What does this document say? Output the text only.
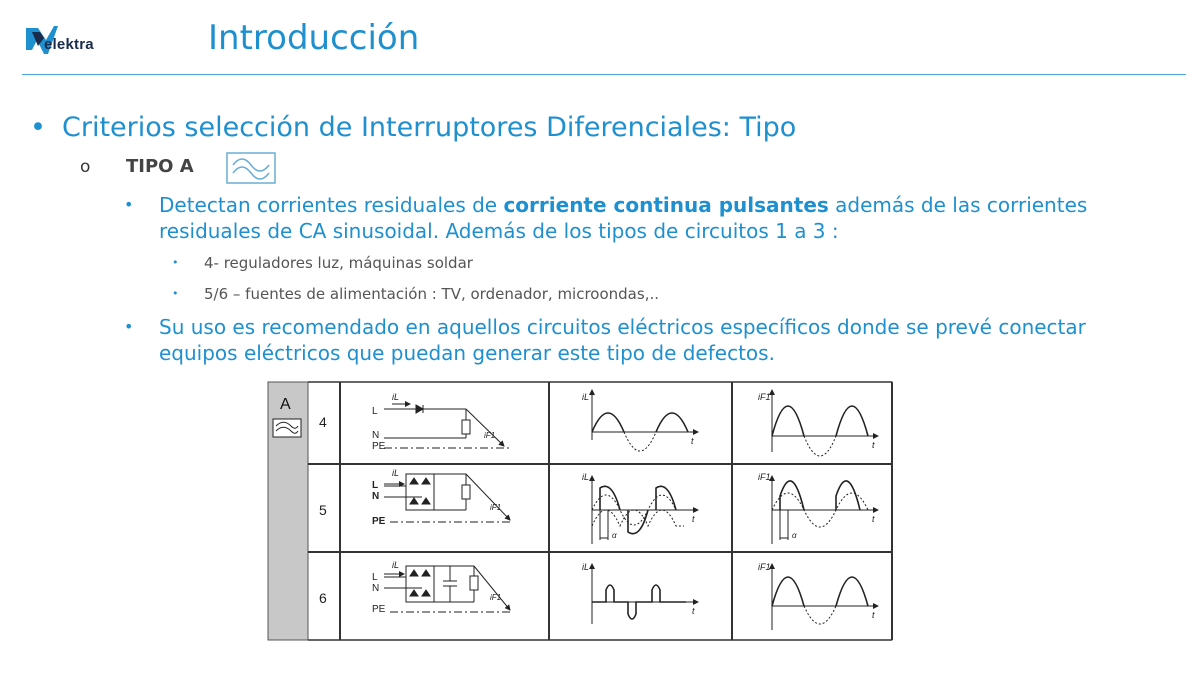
elektra	Introducción
• Criterios selección de Interruptores Diferenciales: Tipo
o TIPO A
• Detectan corrientes residuales de corriente continua pulsantes además de las corrientes residuales de CA sinusoidal. Además de los tipos de circuitos 1 a 3 :
• 4- reguladores luz, máquinas soldar
• 5/6 – fuentes de alimentación : TV, ordenador, microondas,..
• Su uso es recomendado en aquellos circuitos eléctricos específicos donde se prevé conectar equipos eléctricos que puedan generar este tipo de defectos.
A
4
5
6
L
N
PE
iL
iF1
L
N
PE
iL
iF1
L
N
PE
iL
iF1
iL
t
iF1
t
iL
t
α
iF1
t
α
iL
t
iF1
t
